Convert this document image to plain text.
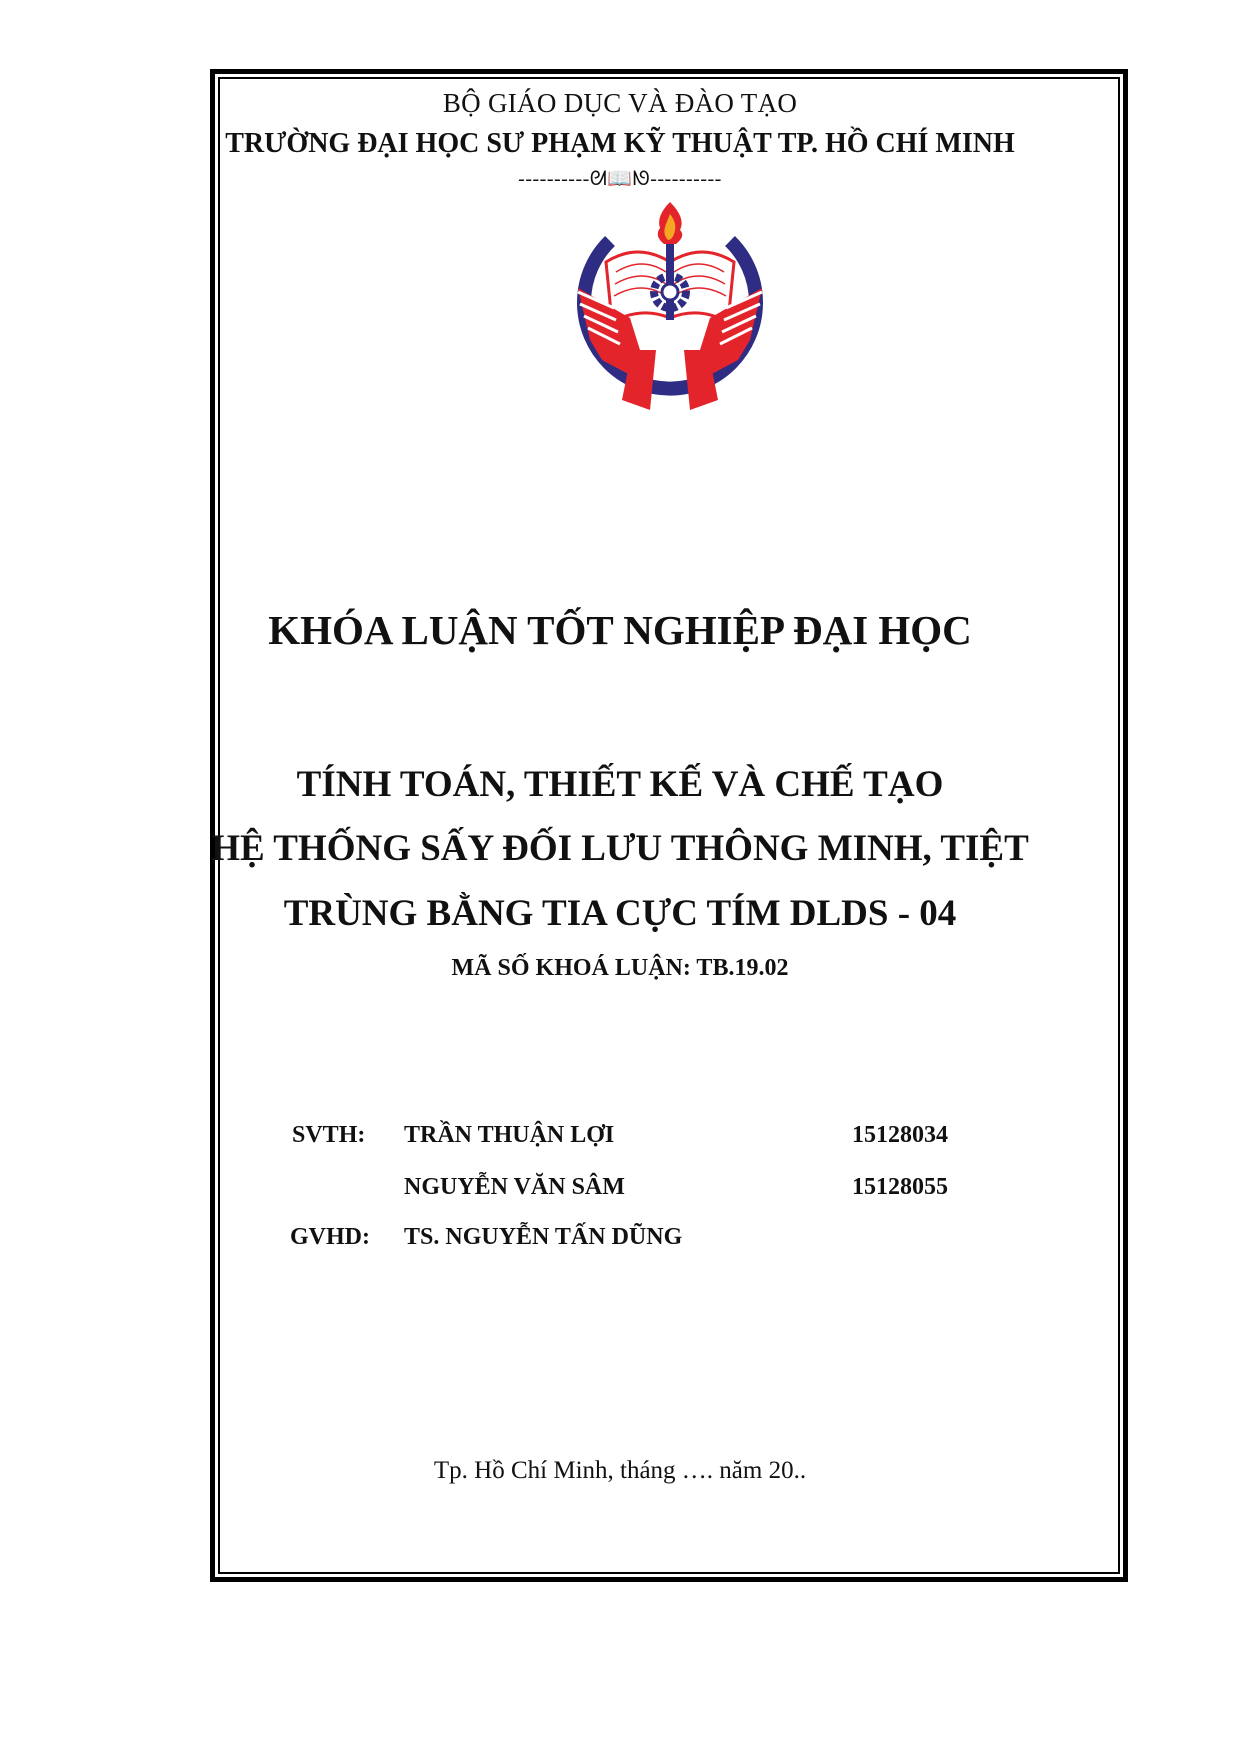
BỘ GIÁO DỤC VÀ ĐÀO TẠO
TRƯỜNG ĐẠI HỌC SƯ PHẠM KỸ THUẬT TP. HỒ CHÍ MINH
----------ᘛ📖ᘚ----------
KHÓA LUẬN TỐT NGHIỆP ĐẠI HỌC
TÍNH TOÁN, THIẾT KẾ VÀ CHẾ TẠO
HỆ THỐNG SẤY ĐỐI LƯU THÔNG MINH, TIỆT
TRÙNG BẰNG TIA CỰC TÍM DLDS - 04
MÃ SỐ KHOÁ LUẬN: TB.19.02
SVTH: TRẦN THUẬN LỢI	15128034
NGUYỄN VĂN SÂM	15128055
GVHD: TS. NGUYỄN TẤN DŨNG
Tp. Hồ Chí Minh, tháng …. năm 20..
